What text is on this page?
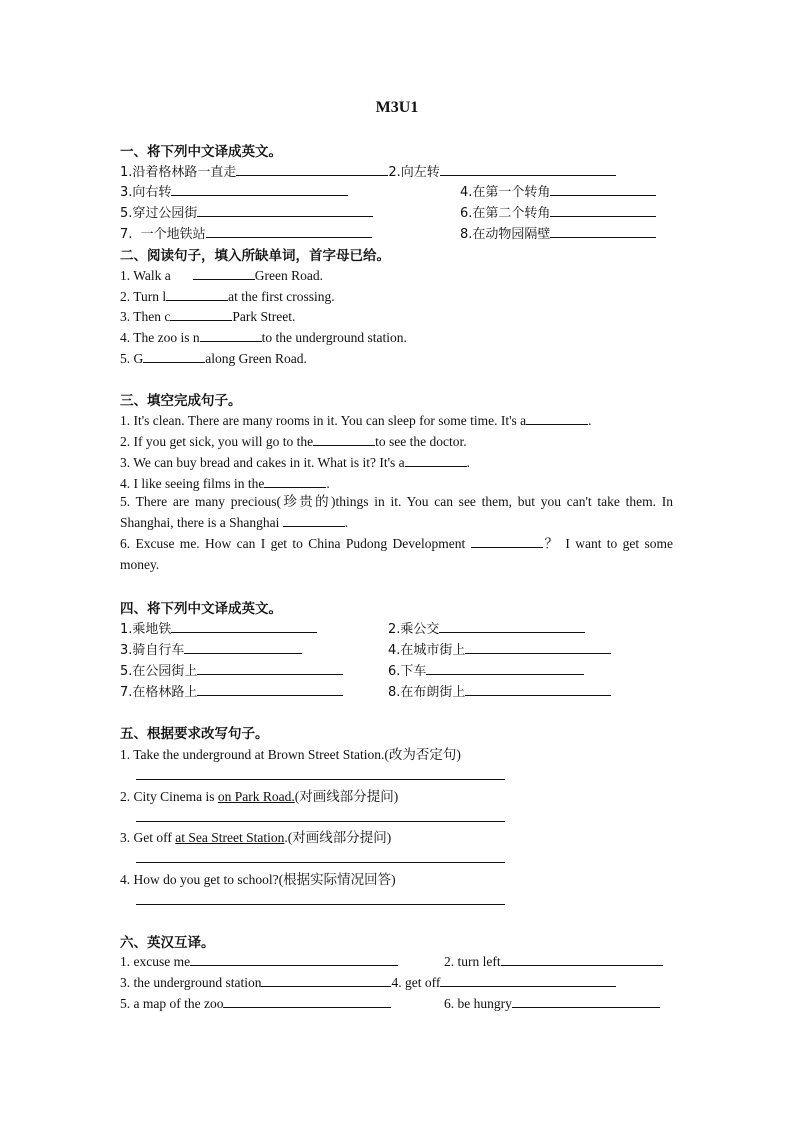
M3U1
一、将下列中文译成英文。
1.沿着格林路一直走	2.向左转
3.向右转	4.在第一个转角
5.穿过公园街	6.在第二个转角
7.  一个地铁站	8.在动物园隔壁
二、阅读句子，填入所缺单词，首字母已给。
1. Walk a	Green Road.
2. Turn l	at the first crossing.
3. Then c	Park Street.
4. The zoo is n	to the underground station.
5. G	along Green Road.
三、填空完成句子。
1. It's clean. There are many rooms in it. You can sleep for some time. It's a	.
2. If you get sick, you will go to the	to see the doctor.
3. We can buy bread and cakes in it. What is it? It's a	.
4. I like seeing films in the	.
5. There are many precious(珍贵的)things in it. You can see them, but you can't take them. In Shanghai, there is a Shanghai	.
6. Excuse me. How can I get to China Pudong Development	？ I want to get some money.
四、将下列中文译成英文。
1.乘地铁	2.乘公交
3.骑自行车	4.在城市街上
5.在公园街上	6.下车
7.在格林路上	8.在布朗街上
五、根据要求改写句子。
1. Take the underground at Brown Street Station.(改为否定句)
2. City Cinema is on Park Road.(对画线部分提问)
3. Get off at Sea Street Station.(对画线部分提问)
4. How do you get to school?(根据实际情况回答)
六、英汉互译。
1. excuse me	2. turn left
3. the underground station	4. get off
5. a map of the zoo	6. be hungry
